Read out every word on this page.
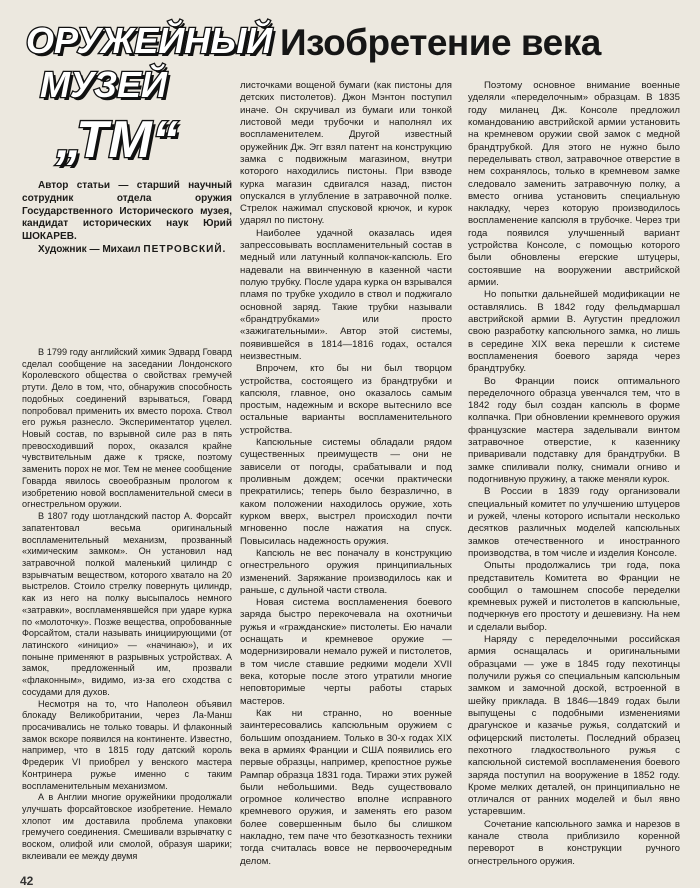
ОРУЖЕЙНЫЙ
МУЗЕЙ
„ТМ“
Изобретение века

Автор статьи — старший научный сотрудник отдела оружия Государственного Исторического музея, кандидат исторических наук Юрий ШОКАРЕВ.

Художник — Михаил ПЕТРОВСКИЙ.

В 1799 году английский химик Эдвард Говард сделал сообщение на заседании Лондонского Королевского общества о свойствах гремучей ртути. Дело в том, что, обнаружив способность подобных соединений взрываться, Говард попробовал применить их вместо пороха. Ствол его ружья разнесло. Экспериментатор уцелел. Новый состав, по взрывной силе раз в пять превосходивший порох, оказался крайне чувствительным даже к тряске, поэтому заменить порох не мог. Тем не менее сообщение Говарда явилось своеобразным прологом к изобретению новой воспламенительной смеси в огнестрельном оружии.

В 1807 году шотландский пастор А. Форсайт запатентовал весьма оригинальный воспламенительный механизм, прозванный «химическим замком». Он установил над затравочной полкой маленький цилиндр с взрывчатым веществом, которого хватало на 20 выстрелов. Стоило стрелку повернуть цилиндр, как из него на полку высыпалось немного «затравки», воспламенявшейся при ударе курка по «молоточку». Позже вещества, опробованные Форсайтом, стали называть инициирующими (от латинского «инициo» — «начинаю»), и их поныне применяют в разрывных устройствах. А замок, предложенный им, прозвали «флаконным», видимо, из-за его сходства с сосудами для духов.

Несмотря на то, что Наполеон объявил блокаду Великобритании, через Ла-Манш просачивались не только товары. И флаконный замок вскоре появился на континенте. Известно, например, что в 1815 году датский король Фредерик VI приобрел у венского мастера Контринера ружье именно с таким воспламенительным механизмом.

А в Англии многие оружейники продолжали улучшать форсайтовское изобретение. Немало хлопот им доставила проблема упаковки гремучего соединения. Смешивали взрывчатку с воском, олифой или смолой, образуя шарики; вклеивали ее между двумя

листочками вощеной бумаги (как пистоны для детских пистолетов). Джон Мэнтон поступил иначе. Он скручивал из бумаги или тонкой листовой меди трубочки и наполнял их воспламенителем. Другой известный оружейник Дж. Эгг взял патент на конструкцию замка с подвижным магазином, внутри которого находились пистоны. При взводе курка магазин сдвигался назад, пистон опускался в углубление в затравочной полке. Стрелок нажимал спусковой крючок, и курок ударял по пистону.

Наиболее удачной оказалась идея запрессовывать воспламенительный состав в медный или латунный колпачок-капсюль. Его надевали на ввинченную в казенной части полую трубку. После удара курка он взрывался пламя по трубке уходило в ствол и поджигало основной заряд. Такие трубки называли «брандтрубками» или просто «зажигательными». Автор этой системы, появившейся в 1814—1816 годах, остался неизвестным.

Впрочем, кто бы ни был творцом устройства, состоящего из брандтрубки и капсюля, главное, оно оказалось самым простым, надежным и вскоре вытеснило все остальные варианты воспламенительного устройства.

Капсюльные системы обладали рядом существенных преимуществ — они не зависели от погоды, срабатывали и под проливным дождем; осечки практически прекратились; теперь было безразлично, в каком положении находилось оружие, хоть курком вверх, выстрел происходил почти мгновенно после нажатия на спуск. Повысилась надежность оружия.

Капсюль не вес поначалу в конструкцию огнестрельного оружия принципиальных изменений. Заряжание производилось как и раньше, с дульной части ствола.

Новая система воспламенения боевого заряда быстро перекочевала на охотничьи ружья и «гражданские» пистолеты. Ею начали оснащать и кремневое оружие — модернизировали немало ружей и пистолетов, в том числе ставшие редкими модели XVII века, которые после этого утратили многие неповторимые черты работы старых мастеров.

Как ни странно, но военные заинтересовались капсюльным оружием с большим опозданием. Только в 30-х годах XIX века в армиях Франции и США появились его первые образцы, например, крепостное ружье Рампар образца 1831 года. Тиражи этих ружей были небольшими. Ведь существовало огромное количество вполне исправного кремневого оружия, и заменять его разом более совершенным было бы слишком накладно, тем паче что безотказность техники тогда считалась вовсе не первоочередным делом.

Поэтому основное внимание военные уделяли «переделочным» образцам. В 1835 году миланец Дж. Консоле предложил командованию австрийской армии установить на кремневом оружии свой замок с медной брандтрубкой. Для этого не нужно было переделывать ствол, затравочное отверстие в нем сохранялось, только в кремневом замке следовало заменить затравочную полку, а вместо огнива установить специальную накладку, через которую производилось воспламенение капсюля в трубочке. Через три года появился улучшенный вариант устройства Консоле, с помощью которого были обновлены егерские штуцеры, состоявшие на вооружении австрийской армии.

Но попытки дальнейшей модификации не оставлялись. В 1842 году фельдмаршал австрийской армии В. Аугустин предложил свою разработку капсюльного замка, но лишь в середине XIX века перешли к системе воспламенения боевого заряда через брандтрубку.

Во Франции поиск оптимального переделочного образца увенчался тем, что в 1842 году был создан капсюль в форме колпачка. При обновлении кремневого оружия французские мастера заделывали винтом затравочное отверстие, к казеннику приваривали подставку для брандтрубки. В замке спиливали полку, снимали огниво и подогнивную пружину, а также меняли курок.

В России в 1839 году организовали специальный комитет по улучшению штуцеров и ружей, члены которого испытали несколько десятков различных моделей капсюльных замков отечественного и иностранного производства, в том числе и изделия Консоле.

Опыты продолжались три года, пока представитель Комитета во Франции не сообщил о тамошнем способе переделки кремневых ружей и пистолетов в капсюльные, подчеркнув его простоту и дешевизну. На нем и сделали выбор.

Наряду с переделочными российская армия оснащалась и оригинальными образцами — уже в 1845 году пехотинцы получили ружья со специальным капсюльным замком и замочной доской, встроенной в шейку приклада. В 1846—1849 годах были выпущены с подобными изменениями драгунское и казачье ружья, солдатский и офицерский пистолеты. Последний образец пехотного гладкоствольного ружья с капсюльной системой воспламенения боевого заряда поступил на вооружение в 1852 году. Кроме мелких деталей, он принципиально не отличался от ранних моделей и был явно устаревшим.

Сочетание капсюльного замка и нарезов в канале ствола приблизило коренной переворот в конструкции ручного огнестрельного оружия.

42
